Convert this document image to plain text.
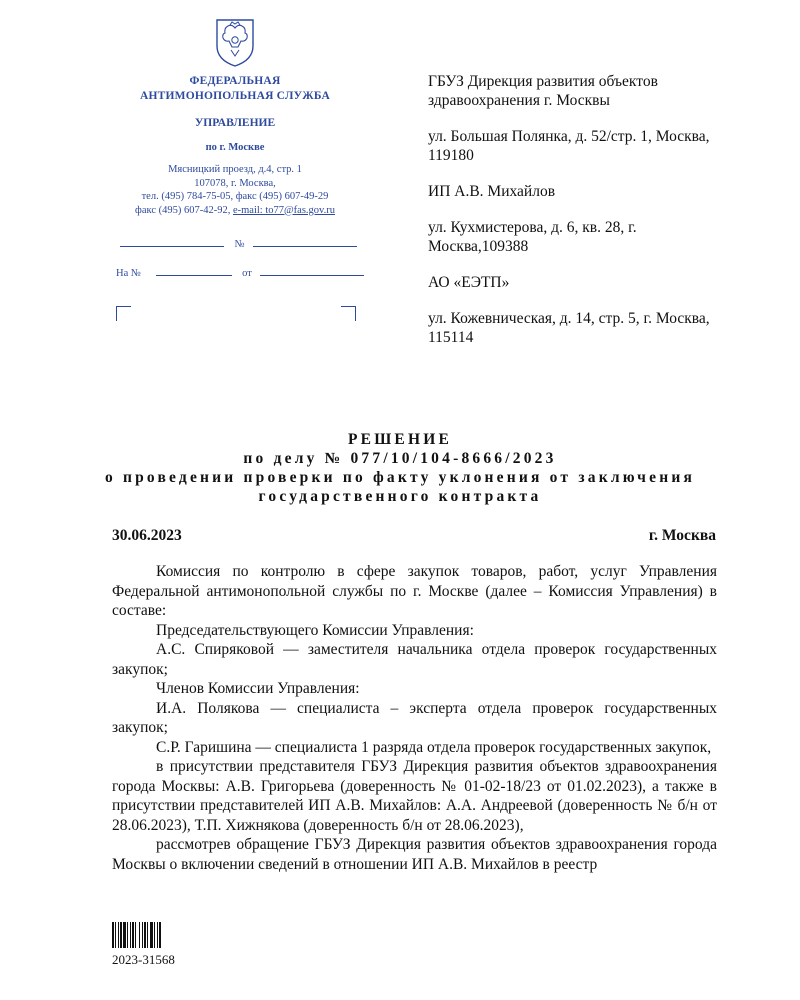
ФЕДЕРАЛЬНАЯ
АНТИМОНОПОЛЬНАЯ СЛУЖБА
УПРАВЛЕНИЕ
по г. Москве
Мясницкий проезд, д.4, стр. 1
107078, г. Москва,
тел. (495) 784-75-05, факс (495) 607-49-29
факс (495) 607-42-92, e-mail: to77@fas.gov.ru
№
На №	от

ГБУЗ Дирекция развития объектов здравоохранения г. Москвы

ул. Большая Полянка, д. 52/стр. 1, Москва, 119180

ИП А.В. Михайлов

ул. Кухмистерова, д. 6, кв. 28, г. Москва,109388

АО «ЕЭТП»

ул. Кожевническая, д. 14, стр. 5, г. Москва, 115114

РЕШЕНИЕ
по делу № 077/10/104-8666/2023
о проведении проверки по факту уклонения от заключения
государственного контракта
30.06.2023	г. Москва

Комиссия по контролю в сфере закупок товаров, работ, услуг Управления Федеральной антимонопольной службы по г. Москве (далее – Комиссия Управления) в составе:

Председательствующего Комиссии Управления:

А.С. Спиряковой — заместителя начальника отдела проверок государственных закупок;

Членов Комиссии Управления:

И.А. Полякова — специалиста – эксперта отдела проверок государственных закупок;

С.Р. Гаришина — специалиста 1 разряда отдела проверок государственных закупок,

в присутствии представителя ГБУЗ Дирекция развития объектов здравоохранения города Москвы: А.В. Григорьева (доверенность № 01-02-18/23 от 01.02.2023), а также в присутствии представителей ИП А.В. Михайлов: А.А. Андреевой (доверенность № б/н от 28.06.2023), Т.П. Хижнякова (доверенность б/н от 28.06.2023),

рассмотрев обращение ГБУЗ Дирекция развития объектов здравоохранения города Москвы о включении сведений в отношении ИП А.В. Михайлов в реестр

2023-31568
